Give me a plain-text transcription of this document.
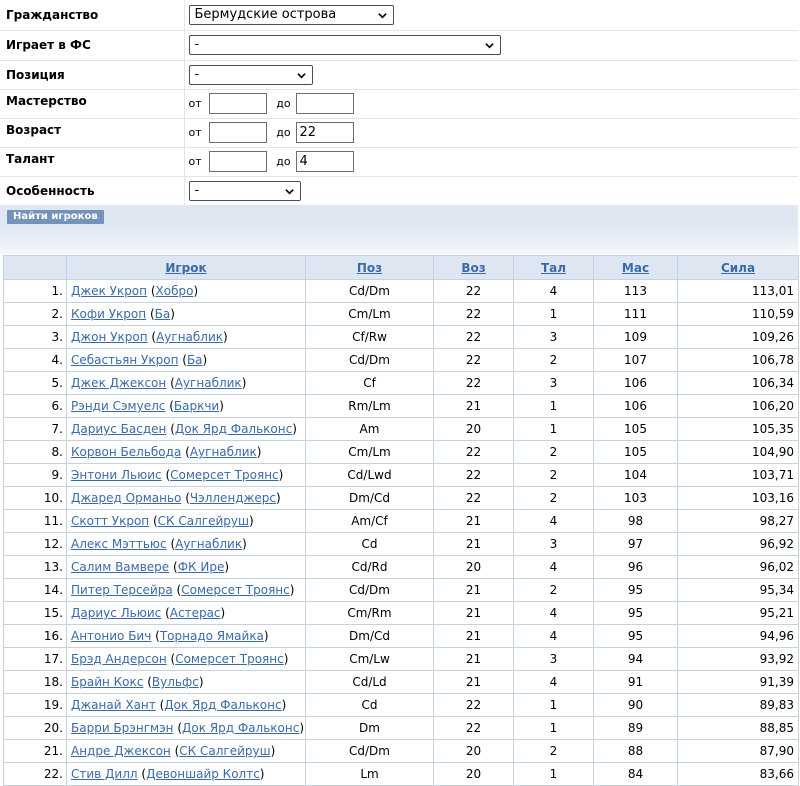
Гражданство	Бермудские острова

Играет в ФС	-

Позиция	-

Мастерство	от до
Возраст	от до 22
Талант	от до 4
Особенность	-

Найти игроков	
	Игрок	Поз	Воз	Тал	Мас	Сила
1.	Джек Укроп (Хобро)	Cd/Dm	22	4	113	113,01
2.	Кофи Укроп (Ба)	Cm/Lm	22	1	111	110,59
3.	Джон Укроп (Аугнаблик)	Cf/Rw	22	3	109	109,26
4.	Себастьян Укроп (Ба)	Cd/Dm	22	2	107	106,78
5.	Джек Джексон (Аугнаблик)	Cf	22	3	106	106,34
6.	Рэнди Сэмуелс (Баркчи)	Rm/Lm	21	1	106	106,20
7.	Дариус Басден (Док Ярд Фальконс)	Am	20	1	105	105,35
8.	Корвон Бельбода (Аугнаблик)	Cm/Lm	22	2	105	104,90
9.	Энтони Льюис (Сомерсет Троянс)	Cd/Lwd	22	2	104	103,71
10.	Джаред Орманьо (Чэлленджерс)	Dm/Cd	22	2	103	103,16
11.	Скотт Укроп (СК Салгейруш)	Am/Cf	21	4	98	98,27
12.	Алекс Мэттьюс (Аугнаблик)	Cd	21	3	97	96,92
13.	Салим Вамвере (ФК Ире)	Cd/Rd	20	4	96	96,02
14.	Питер Терсейра (Сомерсет Троянс)	Cd/Dm	21	2	95	95,34
15.	Дариус Льюис (Астерас)	Cm/Rm	21	4	95	95,21
16.	Антонио Бич (Торнадо Ямайка)	Dm/Cd	21	4	95	94,96
17.	Брэд Андерсон (Сомерсет Троянс)	Cm/Lw	21	3	94	93,92
18.	Брайн Кокс (Вульфс)	Cd/Ld	21	4	91	91,39
19.	Джанай Хант (Док Ярд Фальконс)	Cd	22	1	90	89,83
20.	Барри Брэнгмэн (Док Ярд Фальконс)	Dm	22	1	89	88,85
21.	Андре Джексон (СК Салгейруш)	Cd/Dm	20	2	88	87,90
22.	Стив Дилл (Девоншайр Колтс)	Lm	20	1	84	83,66
